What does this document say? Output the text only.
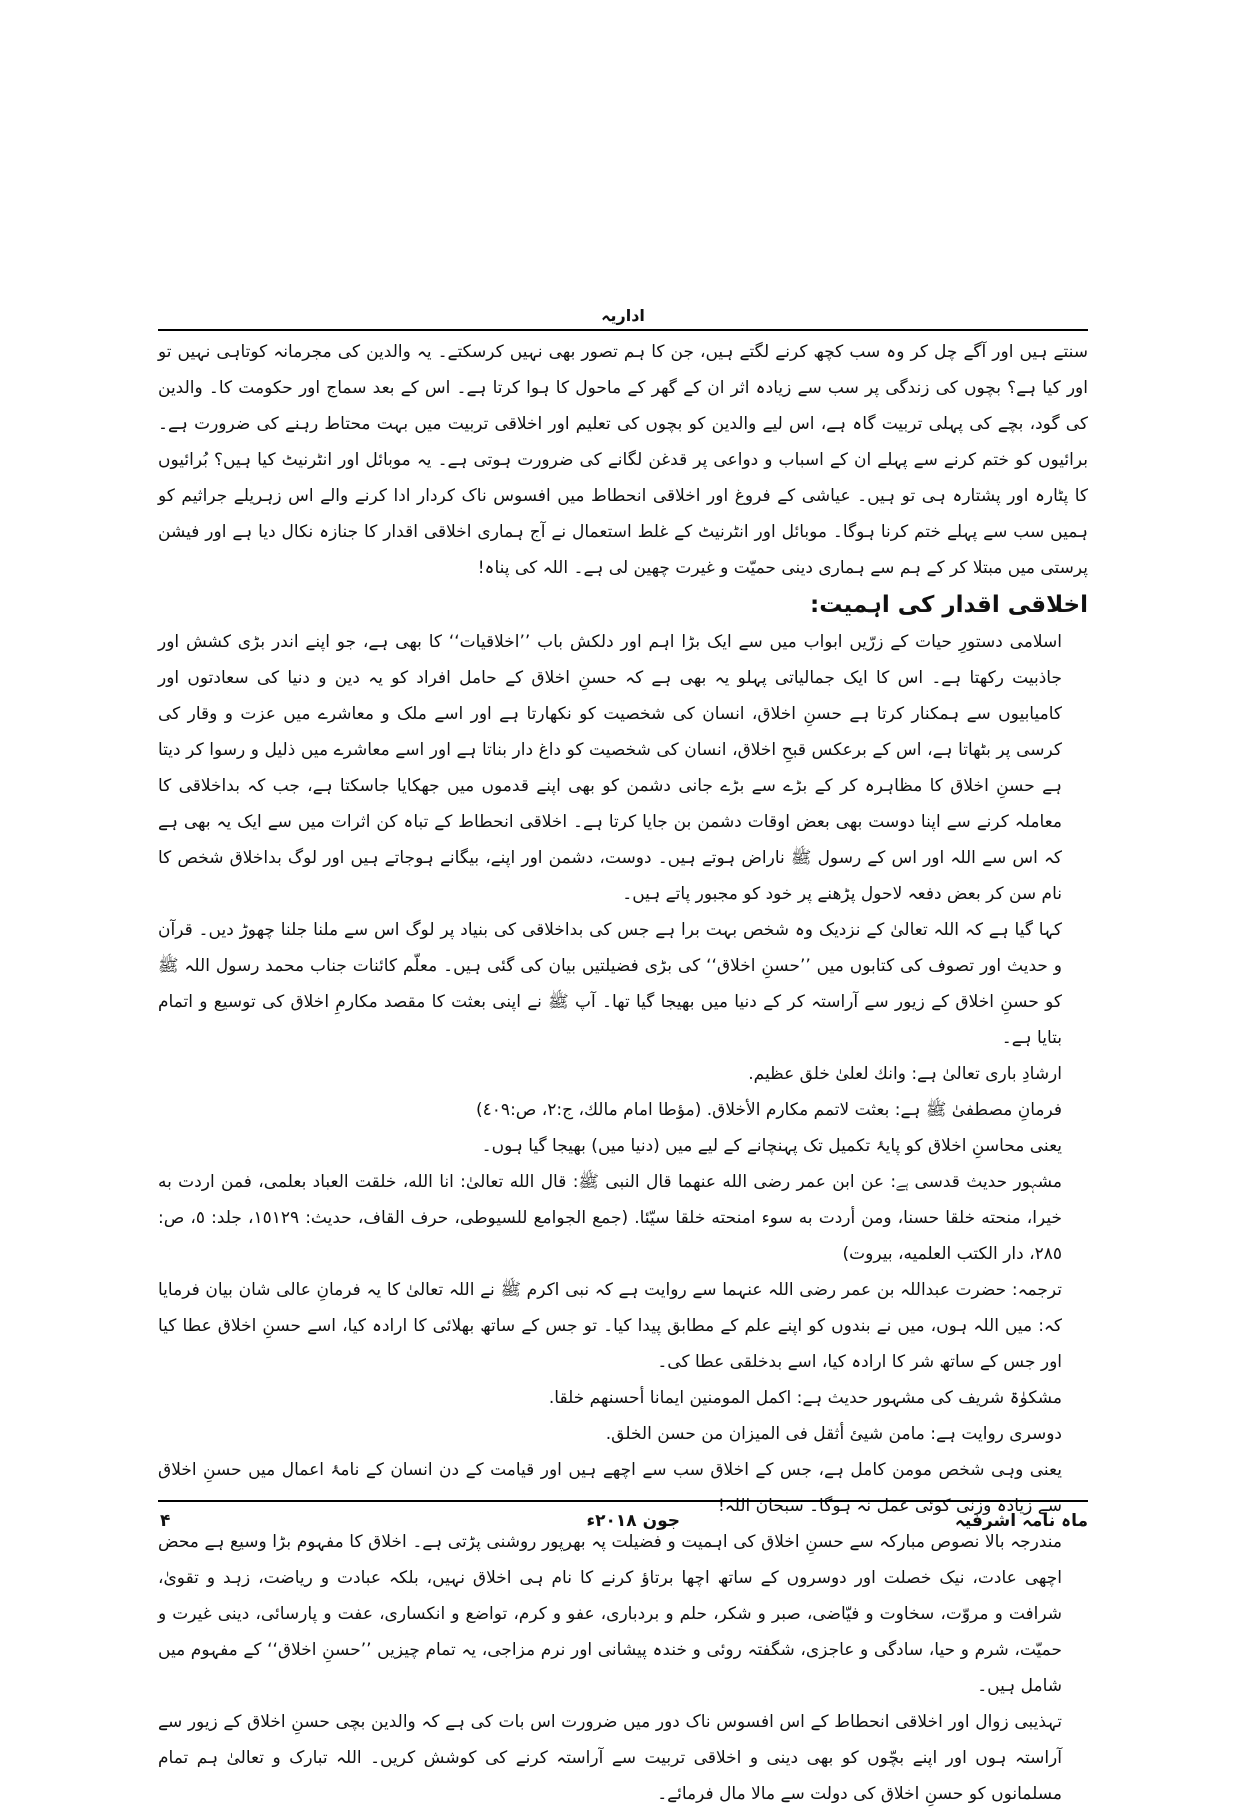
اداریہ

سنتے ہیں اور آگے چل کر وہ سب کچھ کرنے لگتے ہیں، جن کا ہم تصور بھی نہیں کرسکتے۔ یہ والدین کی مجرمانہ کوتاہی نہیں تو اور کیا ہے؟ بچوں کی زندگی پر سب سے زیادہ اثر ان کے گھر کے ماحول کا ہوا کرتا ہے۔ اس کے بعد سماج اور حکومت کا۔ والدین کی گود، بچے کی پہلی تربیت گاہ ہے، اس لیے والدین کو بچوں کی تعلیم اور اخلاقی تربیت میں بہت محتاط رہنے کی ضرورت ہے۔ برائیوں کو ختم کرنے سے پہلے ان کے اسباب و دواعی پر قدغن لگانے کی ضرورت ہوتی ہے۔ یہ موبائل اور انٹرنیٹ کیا ہیں؟ بُرائیوں کا پٹارہ اور پشتارہ ہی تو ہیں۔ عیاشی کے فروغ اور اخلاقی انحطاط میں افسوس ناک کردار ادا کرنے والے اس زہریلے جراثیم کو ہمیں سب سے پہلے ختم کرنا ہوگا۔ موبائل اور انٹرنیٹ کے غلط استعمال نے آج ہماری اخلاقی اقدار کا جنازہ نکال دیا ہے اور فیشن پرستی میں مبتلا کر کے ہم سے ہماری دینی حمیّت و غیرت چھین لی ہے۔ اللہ کی پناہ!

اخلاقی اقدار کی اہمیت:

اسلامی دستورِ حیات کے زرّیں ابواب میں سے ایک بڑا اہم اور دلکش باب ’’اخلاقیات‘‘ کا بھی ہے، جو اپنے اندر بڑی کشش اور جاذبیت رکھتا ہے۔ اس کا ایک جمالیاتی پہلو یہ بھی ہے کہ حسنِ اخلاق کے حامل افراد کو یہ دین و دنیا کی سعادتوں اور کامیابیوں سے ہمکنار کرتا ہے حسنِ اخلاق، انسان کی شخصیت کو نکھارتا ہے اور اسے ملک و معاشرے میں عزت و وقار کی کرسی پر بٹھاتا ہے، اس کے برعکس قبحِ اخلاق، انسان کی شخصیت کو داغ دار بناتا ہے اور اسے معاشرے میں ذلیل و رسوا کر دیتا ہے حسنِ اخلاق کا مظاہرہ کر کے بڑے سے بڑے جانی دشمن کو بھی اپنے قدموں میں جھکایا جاسکتا ہے، جب کہ بداخلاقی کا معاملہ کرنے سے اپنا دوست بھی بعض اوقات دشمن بن جایا کرتا ہے۔ اخلاقی انحطاط کے تباہ کن اثرات میں سے ایک یہ بھی ہے کہ اس سے اللہ اور اس کے رسول ﷺ ناراض ہوتے ہیں۔ دوست، دشمن اور اپنے، بیگانے ہوجاتے ہیں اور لوگ بداخلاق شخص کا نام سن کر بعض دفعہ لاحول پڑھنے پر خود کو مجبور پاتے ہیں۔

کہا گیا ہے کہ اللہ تعالیٰ کے نزدیک وہ شخص بہت برا ہے جس کی بداخلاقی کی بنیاد پر لوگ اس سے ملنا جلنا چھوڑ دیں۔ قرآن و حدیث اور تصوف کی کتابوں میں ’’حسنِ اخلاق‘‘ کی بڑی فضیلتیں بیان کی گئی ہیں۔ معلّم کائنات جناب محمد رسول اللہ ﷺ کو حسنِ اخلاق کے زیور سے آراستہ کر کے دنیا میں بھیجا گیا تھا۔ آپ ﷺ نے اپنی بعثت کا مقصد مکارمِ اخلاق کی توسیع و اتمام بتایا ہے۔

ارشادِ باری تعالیٰ ہے: وانك لعلیٰ خلق عظیم.

فرمانِ مصطفیٰ ﷺ ہے: بعثت لاتمم مكارم الأخلاق. (مؤطا امام مالك، ج:٢، ص:٤٠٩)

یعنی محاسنِ اخلاق کو پایۂ تکمیل تک پہنچانے کے لیے میں (دنیا میں) بھیجا گیا ہوں۔

مشہور حدیث قدسی ہے: عن ابن عمر رضی الله عنهما قال النبی ﷺ: قال الله تعالیٰ: انا الله، خلقت العباد بعلمی، فمن اردت به خیرا، منحته خلقا حسنا، ومن أردت به سوء امنحته خلقا سیّئا. (جمع الجوامع للسیوطی، حرف القاف، حدیث: ١٥١٢٩، جلد: ٥، ص: ٢٨٥، دار الكتب العلمیه، بیروت)

ترجمہ: حضرت عبداللہ بن عمر رضی اللہ عنہما سے روایت ہے کہ نبی اکرم ﷺ نے اللہ تعالیٰ کا یہ فرمانِ عالی شان بیان فرمایا کہ: میں اللہ ہوں، میں نے بندوں کو اپنے علم کے مطابق پیدا کیا۔ تو جس کے ساتھ بھلائی کا ارادہ کیا، اسے حسنِ اخلاق عطا کیا اور جس کے ساتھ شر کا ارادہ کیا، اسے بدخلقی عطا کی۔

مشکوٰۃ شریف کی مشہور حدیث ہے: اكمل المومنین ایمانا أحسنهم خلقا.

دوسری روایت ہے: مامن شیئ أثقل فی المیزان من حسن الخلق.

یعنی وہی شخص مومن کامل ہے، جس کے اخلاق سب سے اچھے ہیں اور قیامت کے دن انسان کے نامۂ اعمال میں حسنِ اخلاق سے زیادہ وزنی کوئی عمل نہ ہوگا۔ سبحان اللہ!

مندرجہ بالا نصوص مبارکہ سے حسنِ اخلاق کی اہمیت و فضیلت پہ بھرپور روشنی پڑتی ہے۔ اخلاق کا مفہوم بڑا وسیع ہے محض اچھی عادت، نیک خصلت اور دوسروں کے ساتھ اچھا برتاؤ کرنے کا نام ہی اخلاق نہیں، بلکہ عبادت و ریاضت، زہد و تقویٰ، شرافت و مروّت، سخاوت و فیّاضی، صبر و شکر، حلم و بردباری، عفو و کرم، تواضع و انکساری، عفت و پارسائی، دینی غیرت و حمیّت، شرم و حیا، سادگی و عاجزی، شگفتہ روئی و خندہ پیشانی اور نرم مزاجی، یہ تمام چیزیں ’’حسنِ اخلاق‘‘ کے مفہوم میں شامل ہیں۔

تہذیبی زوال اور اخلاقی انحطاط کے اس افسوس ناک دور میں ضرورت اس بات کی ہے کہ والدین بچی حسنِ اخلاق کے زیور سے آراستہ ہوں اور اپنے بچّوں کو بھی دینی و اخلاقی تربیت سے آراستہ کرنے کی کوشش کریں۔ اللہ تبارک و تعالیٰ ہم تمام مسلمانوں کو حسنِ اخلاق کی دولت سے مالا مال فرمائے۔

ماہ نامہ اشرفیہ
جون ۲۰۱۸ء
۴
